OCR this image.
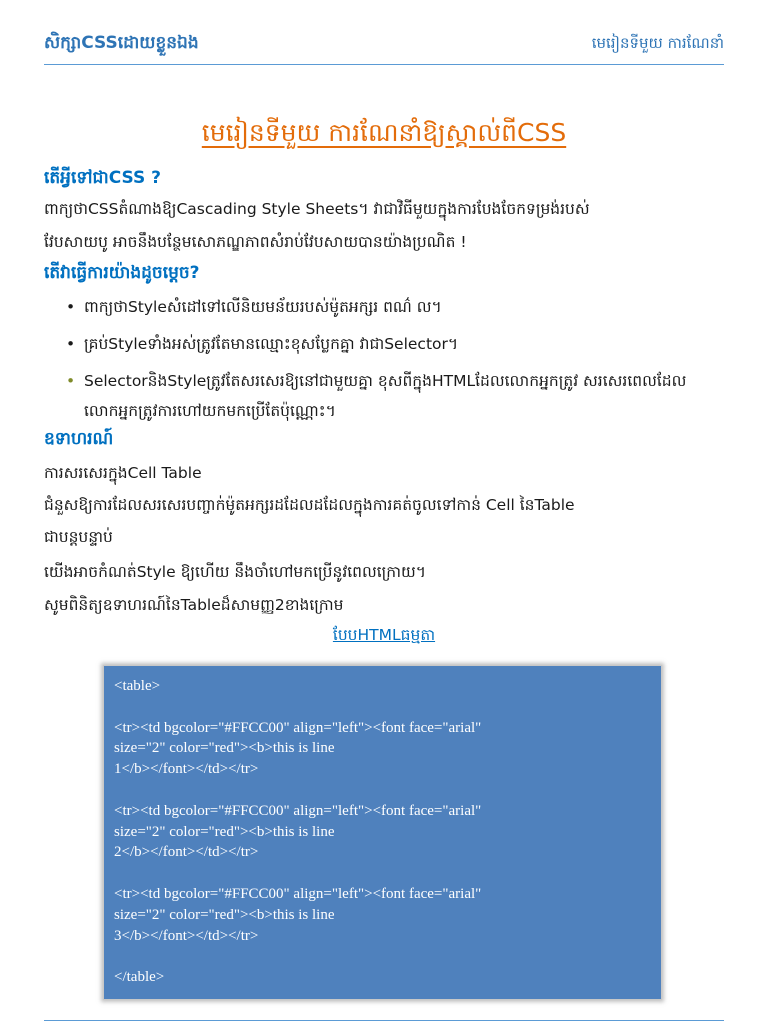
សិក្សាCSSដោយខ្លួនឯង	មេរៀនទីមួយ ការណែនាំ
មេរៀនទីមួយ ការណែនាំឱ្យស្គាល់ពីCSS
តើអ្វីទៅជាCSS ?
ពាក្យថាCSSតំណាងឱ្យCascading Style Sheets។ វាជាវិធីមួយក្នុងការបែងចែកទម្រង់របស់
វែបសាយបូ អាចនឹងបន្ថែមសោភណ្ឌភាពសំរាប់វែបសាយបានយ៉ាងប្រណិត !
តើវាធ្វើការយ៉ាងដូចម្តេច?
• ពាក្យថាStyleសំដៅទៅលើនិយមន័យរបស់ម៉ូតអក្សរ ពណ៌ ល។
• គ្រប់Styleទាំងអស់ត្រូវតែមានឈ្មោះខុសប្លែកគ្នា វាជាSelector។
• SelectorនិងStyleត្រូវតែសរសេរឱ្យនៅជាមួយគ្នា ខុសពីក្នុងHTMLដែលលោកអ្នកត្រូវ សរសេរពេលដែលលោកអ្នកត្រូវការហៅយកមកប្រើតែប៉ុណ្ណោះ។
ឧទាហរណ៍
ការសរសេរក្នុងCell Table
ជំនួសឱ្យការដែលសរសេរបញ្ចាក់ម៉ូតអក្សរដដែលដដែលក្នុងការគត់ចូលទៅកាន់ Cell នៃTable
ជាបន្តបន្ទាប់
យើងអាចកំណត់Style ឱ្យហើយ នឹងចាំហៅមកប្រើនូវពេលក្រោយ។
សូមពិនិត្យឧទាហរណ៍នៃTableដ៏សាមញ្ញ2ខាងក្រោម
បែបHTMLធម្មតា
<table>

<tr><td bgcolor="#FFCC00" align="left"><font face="arial"
size="2" color="red"><b>this is line
1</b></font></td></tr>

<tr><td bgcolor="#FFCC00" align="left"><font face="arial"
size="2" color="red"><b>this is line
2</b></font></td></tr>

<tr><td bgcolor="#FFCC00" align="left"><font face="arial"
size="2" color="red"><b>this is line
3</b></font></td></tr>

</table>
